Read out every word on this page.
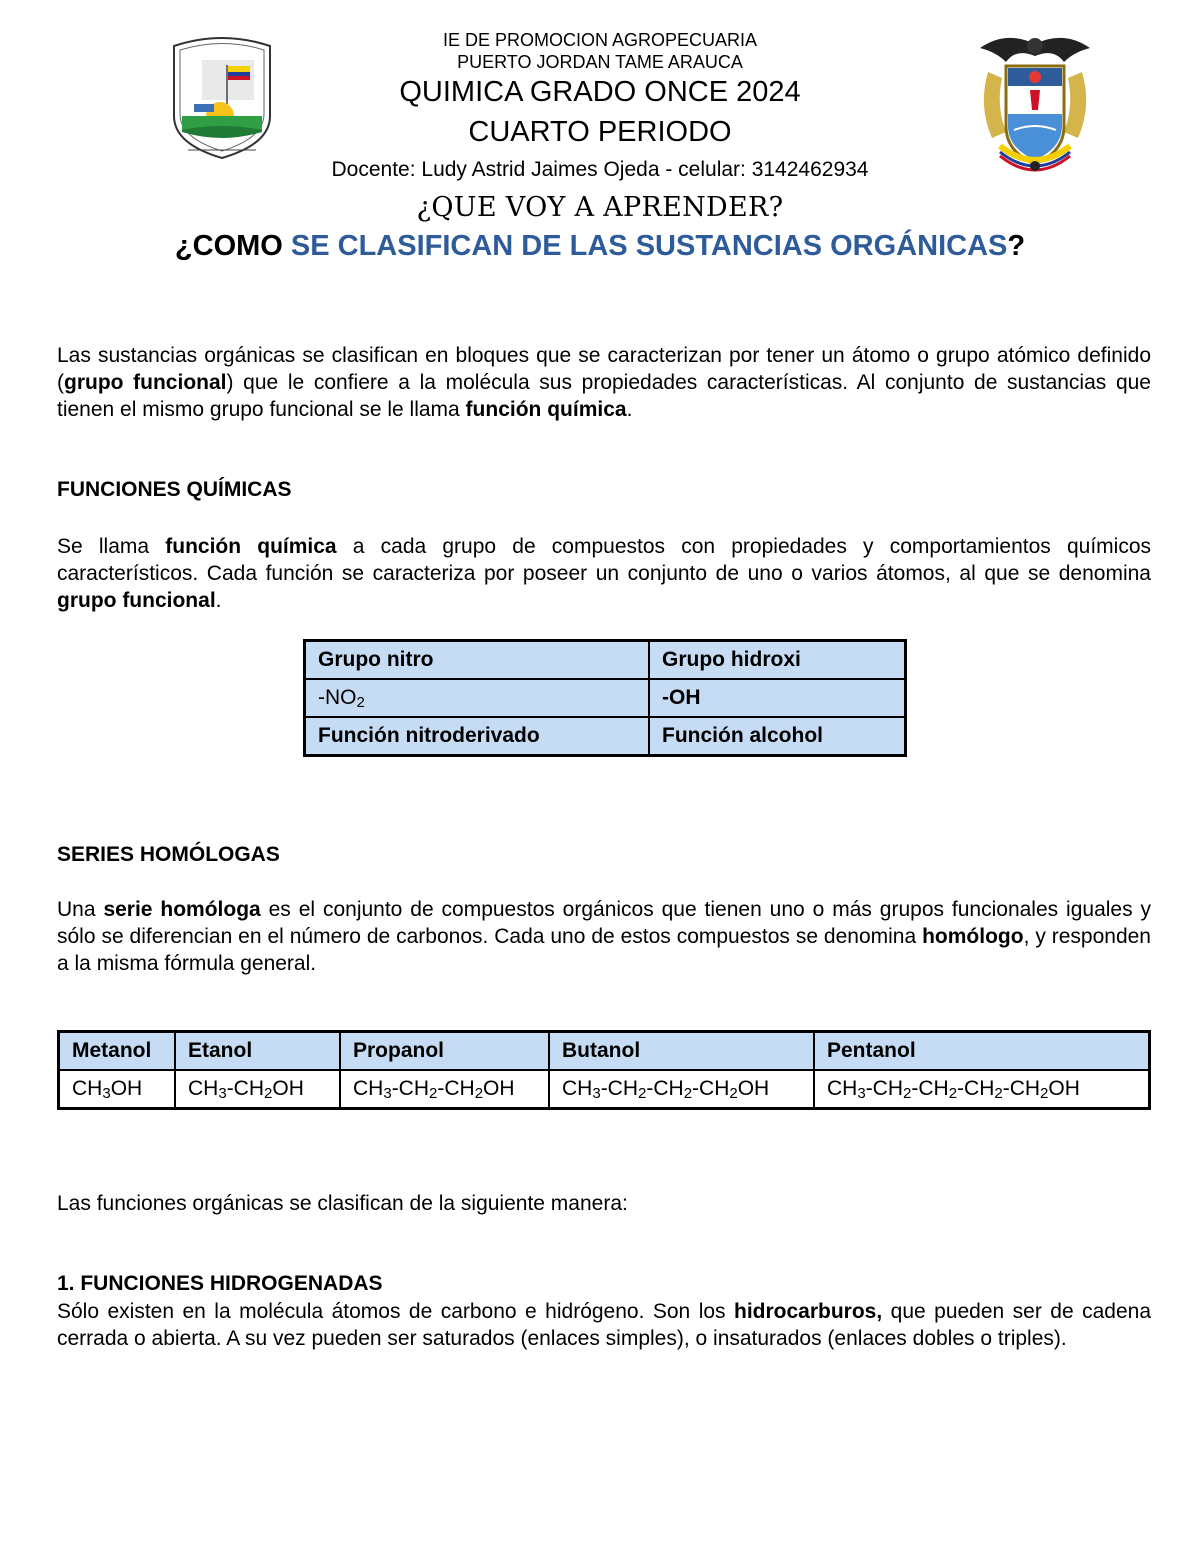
IE DE PROMOCION AGROPECUARIA
PUERTO JORDAN TAME ARAUCA
QUIMICA GRADO ONCE 2024
CUARTO PERIODO
Docente: Ludy Astrid Jaimes Ojeda - celular: 3142462934
¿QUE VOY A APRENDER?
¿COMO SE CLASIFICAN DE LAS SUSTANCIAS ORGÁNICAS?

Las sustancias orgánicas se clasifican en bloques que se caracterizan por tener un átomo o grupo atómico definido (grupo funcional) que le confiere a la molécula sus propiedades características. Al conjunto de sustancias que tienen el mismo grupo funcional se le llama función química.

FUNCIONES QUÍMICAS

Se llama función química a cada grupo de compuestos con propiedades y comportamientos químicos característicos. Cada función se caracteriza por poseer un conjunto de uno o varios átomos, al que se denomina grupo funcional.

Grupo nitro	Grupo hidroxi
$-NO_2$	-OH
Función nitroderivado	Función alcohol

SERIES HOMÓLOGAS

Una serie homóloga es el conjunto de compuestos orgánicos que tienen uno o más grupos funcionales iguales y sólo se diferencian en el número de carbonos. Cada uno de estos compuestos se denomina homólogo, y responden a la misma fórmula general.

Metanol	Etanol	Propanol	Butanol	Pentanol
$CH_3OH$	$CH_3-CH_2OH$	$CH_3-CH_2-CH_2OH$	$CH_3-CH_2-CH_2-CH_2OH$	$CH_3-CH_2-CH_2-CH_2-CH_2OH$

Las funciones orgánicas se clasifican de la siguiente manera:

1. FUNCIONES HIDROGENADAS

Sólo existen en la molécula átomos de carbono e hidrógeno. Son los hidrocarburos, que pueden ser de cadena cerrada o abierta. A su vez pueden ser saturados (enlaces simples), o insaturados (enlaces dobles o triples).
